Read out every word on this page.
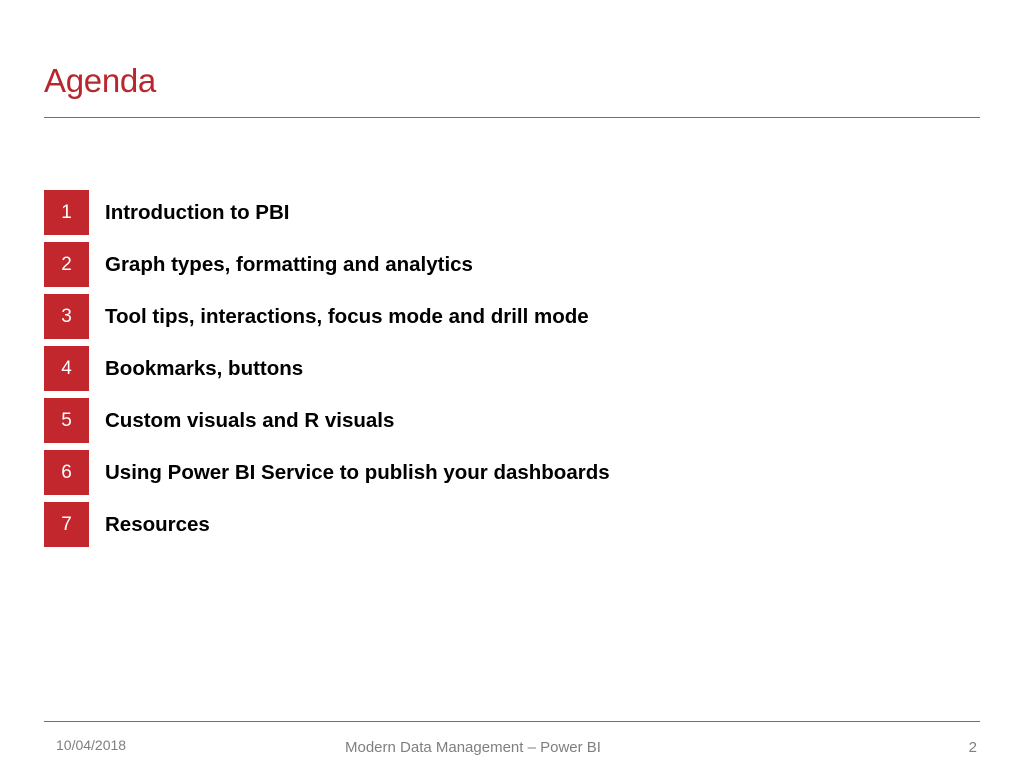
Agenda
1	Introduction to PBI
2	Graph types, formatting and analytics
3	Tool tips, interactions, focus mode and drill mode
4	Bookmarks, buttons
5	Custom visuals and R visuals
6	Using Power BI Service to publish your dashboards
7	Resources
10/04/2018	Modern Data Management – Power BI	2
